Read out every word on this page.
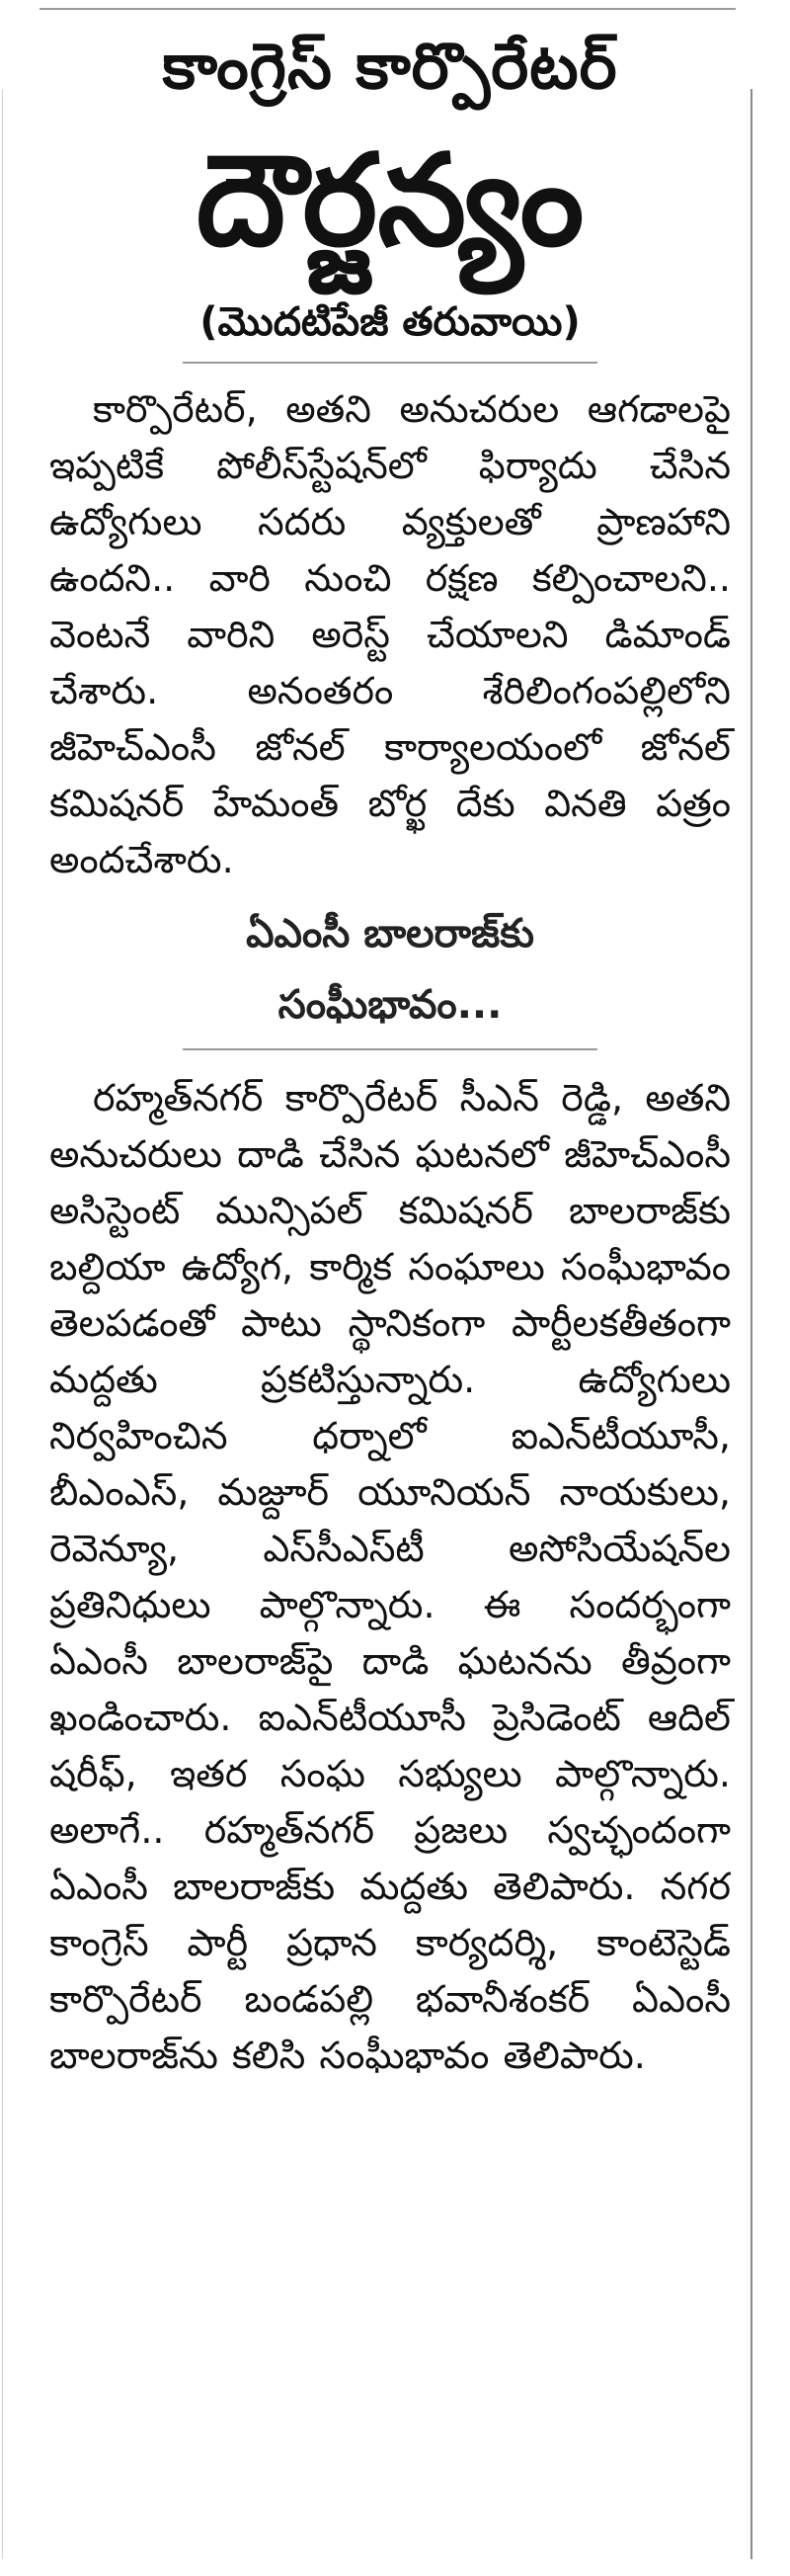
కాంగ్రెస్ కార్పొరేటర్
దౌర్జన్యం
(మొదటిపేజీ తరువాయి)

కార్పొరేటర్, అతని అనుచరుల ఆగడాలపై ఇప్పటికే పోలీస్‌స్టేషన్‌లో ఫిర్యాదు చేసిన ఉద్యోగులు సదరు వ్యక్తులతో ప్రాణహాని ఉందని.. వారి నుంచి రక్షణ కల్పించాలని.. వెంటనే వారిని అరెస్ట్ చేయాలని డిమాండ్ చేశారు. అనంతరం శేరిలింగంపల్లిలోని జీహెచ్ఎంసీ జోనల్ కార్యాలయంలో జోనల్ కమిషనర్ హేమంత్ బోర్ఖ దేకు వినతి పత్రం అందచేశారు.

ఏఎంసీ బాలరాజ్‌కు
సంఘీభావం...

రహ్మత్‌నగర్ కార్పొరేటర్ సీఎన్ రెడ్డి, అతని అనుచరులు దాడి చేసిన ఘటనలో జీహెచ్ఎంసీ అసిస్టెంట్ మున్సిపల్ కమిషనర్ బాలరాజ్‌కు బల్దియా ఉద్యోగ, కార్మిక సంఘాలు సంఘీభావం తెలపడంతో పాటు స్థానికంగా పార్టీలకతీతంగా మద్దతు ప్రకటిస్తున్నారు. ఉద్యోగులు నిర్వహించిన ధర్నాలో ఐఎన్‌టీయూసీ, బీఎంఎస్, మజ్దూర్ యూనియన్ నాయకులు, రెవెన్యూ, ఎస్‌సీఎస్‌టీ అసోసియేషన్‌ల ప్రతినిధులు పాల్గొన్నారు. ఈ సందర్భంగా ఏఎంసీ బాలరాజ్‌పై దాడి ఘటనను తీవ్రంగా ఖండించారు. ఐఎన్‌టీయూసీ ప్రెసిడెంట్ ఆదిల్ షరీఫ్, ఇతర సంఘ సభ్యులు పాల్గొన్నారు. అలాగే.. రహ్మత్‌నగర్ ప్రజలు స్వచ్ఛందంగా ఏఎంసీ బాలరాజ్‌కు మద్దతు తెలిపారు. నగర కాంగ్రెస్ పార్టీ ప్రధాన కార్యదర్శి, కాంటెస్టెడ్ కార్పొరేటర్ బండపల్లి భవానీశంకర్ ఏఎంసీ బాలరాజ్‌ను కలిసి సంఘీభావం తెలిపారు.
